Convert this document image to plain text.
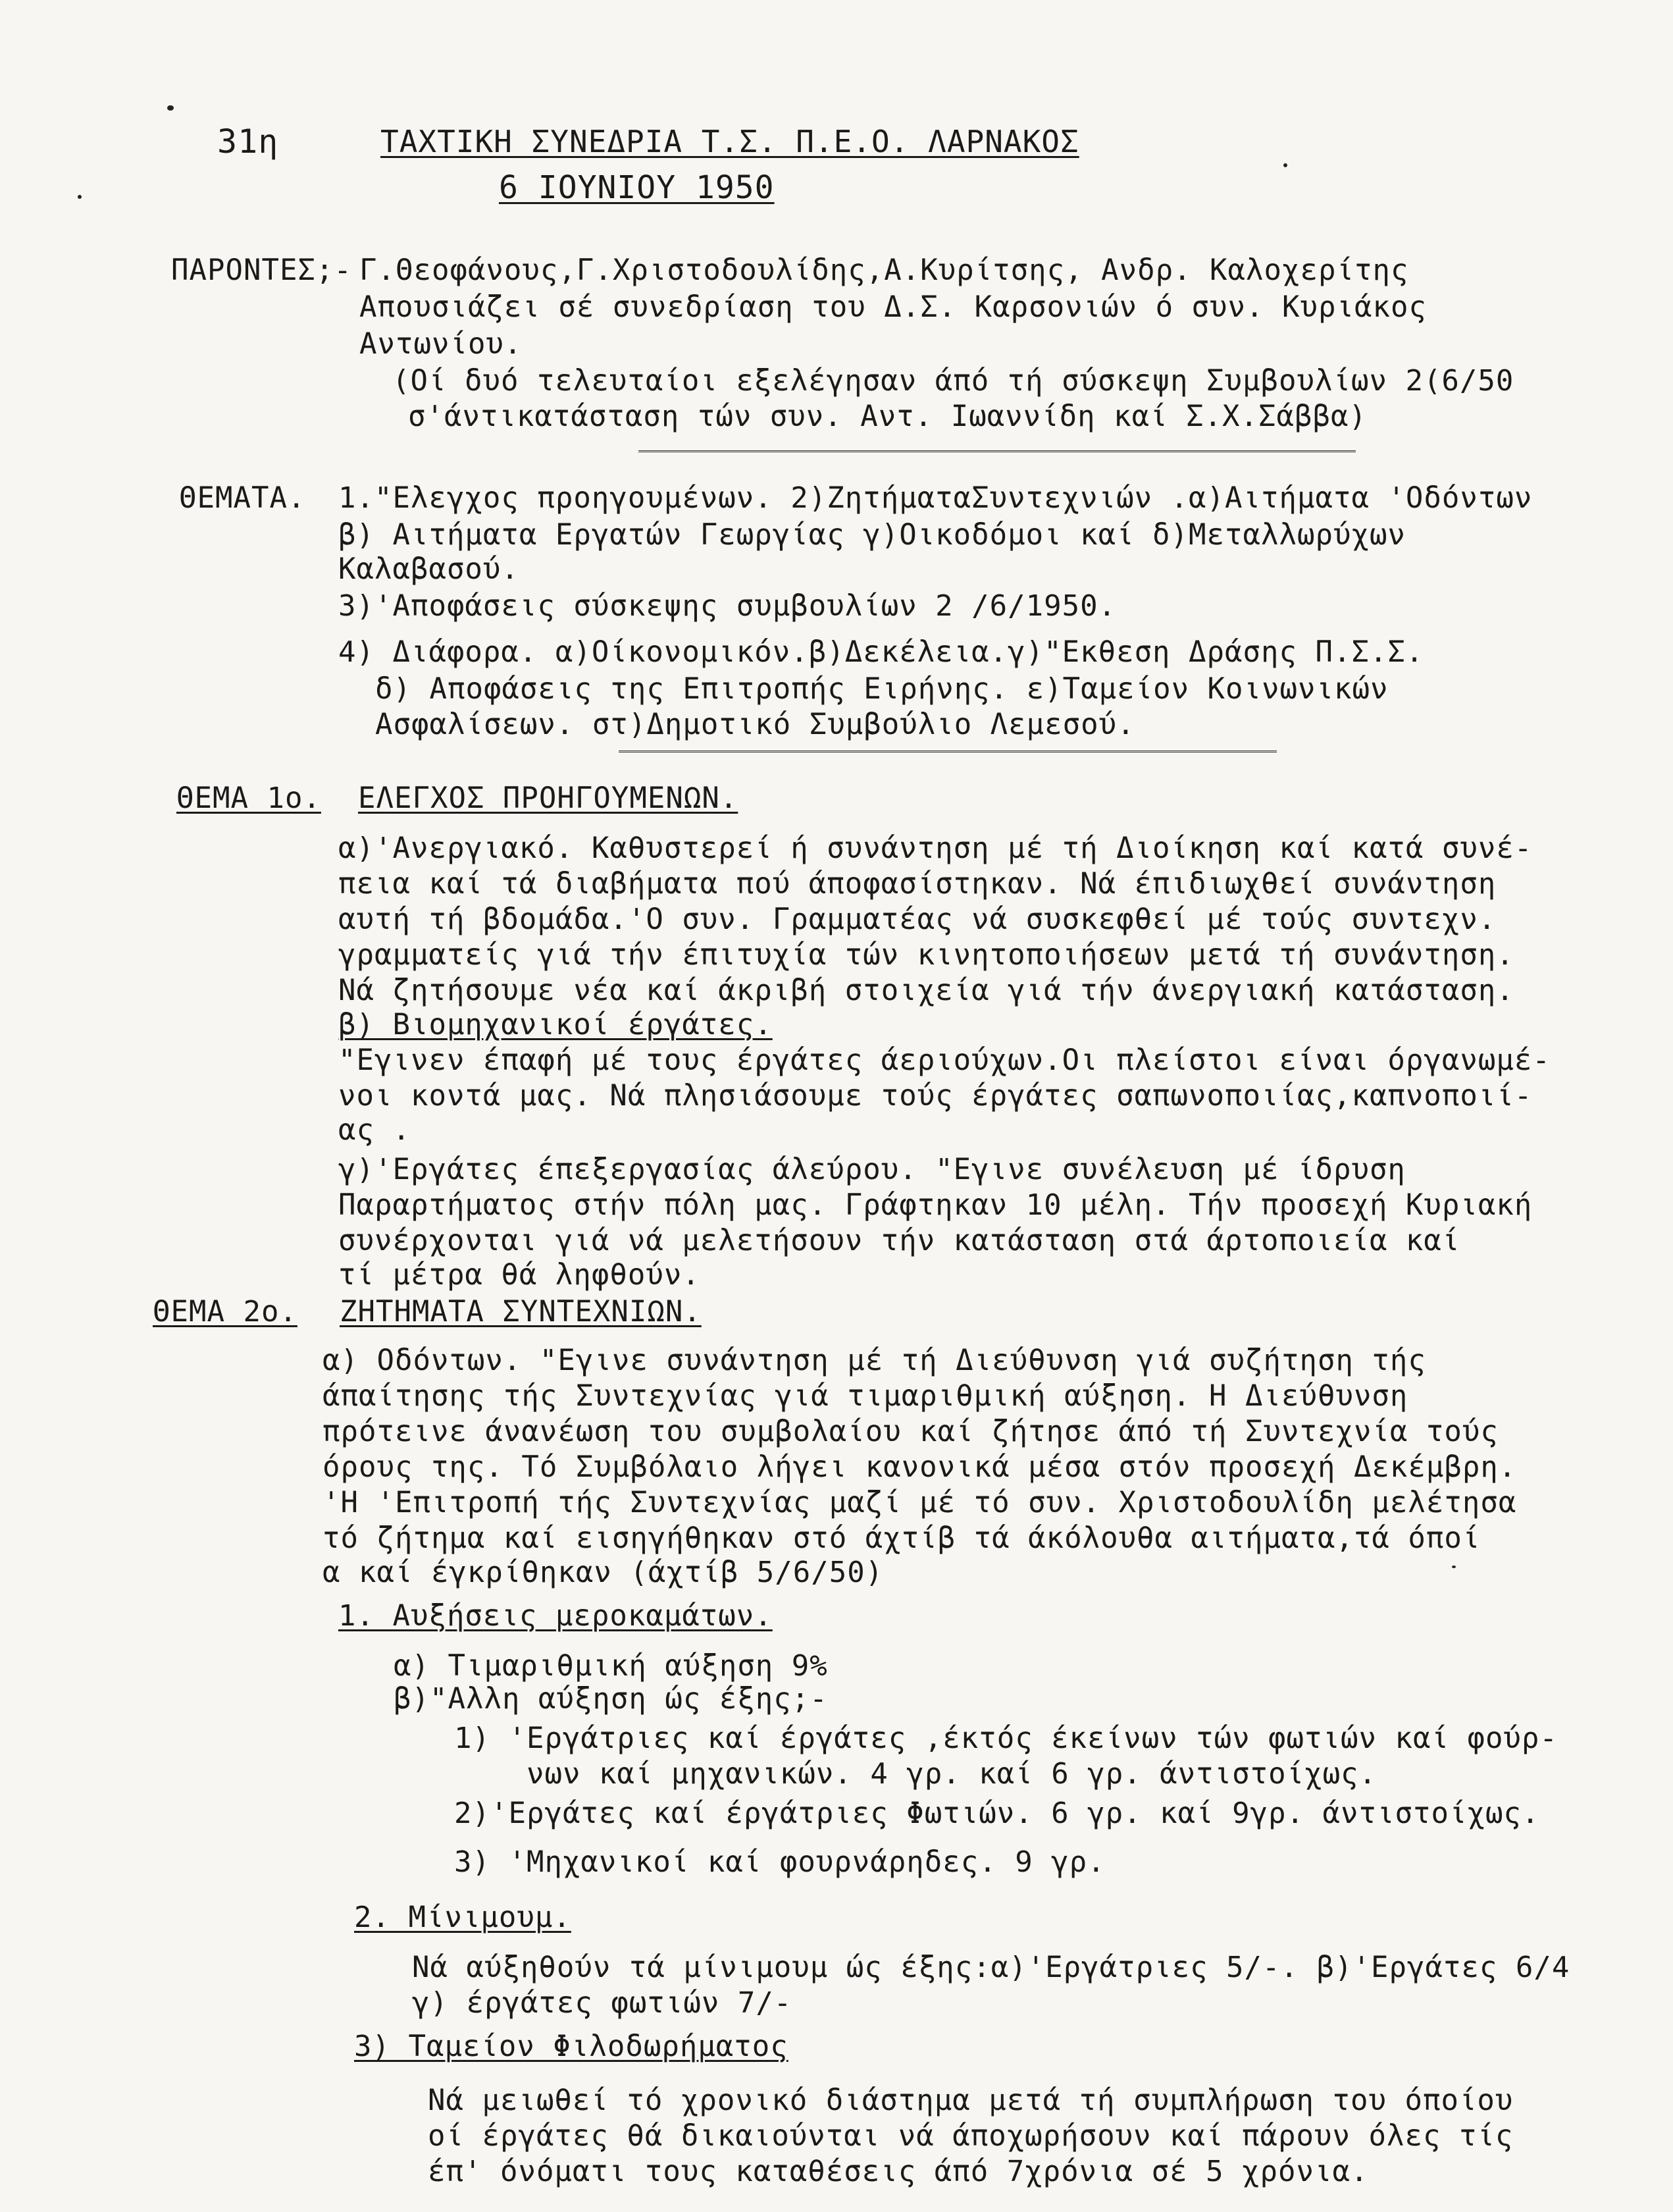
31η	ΤΑΧΤΙΚΗ ΣΥΝΕΔΡΙΑ Τ.Σ. Π.Ε.Ο. ΛΑΡΝΑΚΟΣ
6 ΙΟΥΝΙΟΥ 1950
ΠΑΡΟΝΤΕΣ;- Γ.Θεοφάνους,Γ.Χριστοδουλίδης,Α.Κυρίτσης, Ανδρ. Καλοχερίτης
Απουσιάζει σέ συνεδρίαση του Δ.Σ. Καρσονιών ό συν. Κυριάκος
Αντωνίου.
(Οί δυό τελευταίοι εξελέγησαν άπό τή σύσκεψη Συμβουλίων 2(6/50
σ'άντικατάσταση τών συν. Αντ. Ιωαννίδη καί Σ.Χ.Σάββα)
ΘΕΜΑΤΑ. 1."Ελεγχος προηγουμένων. 2)ΖητήματαΣυντεχνιών .α)Αιτήματα 'Οδόντων
β) Αιτήματα Εργατών Γεωργίας γ)Οικοδόμοι καί δ)Μεταλλωρύχων
Καλαβασού.
3)'Αποφάσεις σύσκεψης συμβουλίων 2 /6/1950.
4) Διάφορα. α)Οίκονομικόν.β)Δεκέλεια.γ)"Εκθεση Δράσης Π.Σ.Σ.
δ) Αποφάσεις της Επιτροπής Ειρήνης. ε)Ταμείον Κοινωνικών
Ασφαλίσεων. στ)Δημοτικό Συμβούλιο Λεμεσού.
ΘΕΜΑ 1ο. ΕΛΕΓΧΟΣ ΠΡΟΗΓΟΥΜΕΝΩΝ.
α)'Ανεργιακό. Καθυστερεί ή συνάντηση μέ τή Διοίκηση καί κατά συνέ-
πεια καί τά διαβήματα πού άποφασίστηκαν. Νά έπιδιωχθεί συνάντηση
αυτή τή βδομάδα.'Ο συν. Γραμματέας νά συσκεφθεί μέ τούς συντεχν.
γραμματείς γιά τήν έπιτυχία τών κινητοποιήσεων μετά τή συνάντηση.
Νά ζητήσουμε νέα καί άκριβή στοιχεία γιά τήν άνεργιακή κατάσταση.
β) Βιομηχανικοί έργάτες.
"Εγινεν έπαφή μέ τους έργάτες άεριούχων.Οι πλείστοι είναι όργανωμέ-
νοι κοντά μας. Νά πλησιάσουμε τούς έργάτες σαπωνοποιίας,καπνοποιί-
ας .
γ)'Εργάτες έπεξεργασίας άλεύρου. "Εγινε συνέλευση μέ ίδρυση
Παραρτήματος στήν πόλη μας. Γράφτηκαν 10 μέλη. Τήν προσεχή Κυριακή
συνέρχονται γιά νά μελετήσουν τήν κατάσταση στά άρτοποιεία καί
τί μέτρα θά ληφθούν.
ΘΕΜΑ 2ο. ΖΗΤΗΜΑΤΑ ΣΥΝΤΕΧΝΙΩΝ.
α) Οδόντων. "Εγινε συνάντηση μέ τή Διεύθυνση γιά συζήτηση τής
άπαίτησης τής Συντεχνίας γιά τιμαριθμική αύξηση. Η Διεύθυνση
πρότεινε άνανέωση του συμβολαίου καί ζήτησε άπό τή Συντεχνία τούς
όρους της. Τό Συμβόλαιο λήγει κανονικά μέσα στόν προσεχή Δεκέμβρη.
'Η 'Επιτροπή τής Συντεχνίας μαζί μέ τό συν. Χριστοδουλίδη μελέτησα
τό ζήτημα καί εισηγήθηκαν στό άχτίβ τά άκόλουθα αιτήματα,τά όποί
α καί έγκρίθηκαν (άχτίβ 5/6/50)
1. Αυξήσεις μεροκαμάτων.
α) Τιμαριθμική αύξηση 9%
β)"Αλλη αύξηση ώς έξης;-
1) 'Εργάτριες καί έργάτες ,έκτός έκείνων τών φωτιών καί φούρ-
νων καί μηχανικών. 4 γρ. καί 6 γρ. άντιστοίχως.
2)'Εργάτες καί έργάτριες Φωτιών. 6 γρ. καί 9γρ. άντιστοίχως.
3) 'Μηχανικοί καί φουρνάρηδες. 9 γρ.
2. Μίνιμουμ.
Νά αύξηθούν τά μίνιμουμ ώς έξης:α)'Εργάτριες 5/-. β)'Εργάτες 6/4
γ) έργάτες φωτιών 7/-
3) Ταμείον Φιλοδωρήματος
Νά μειωθεί τό χρονικό διάστημα μετά τή συμπλήρωση του όποίου
οί έργάτες θά δικαιούνται νά άποχωρήσουν καί πάρουν όλες τίς
έπ' όνόματι τους καταθέσεις άπό 7χρόνια σέ 5 χρόνια.
